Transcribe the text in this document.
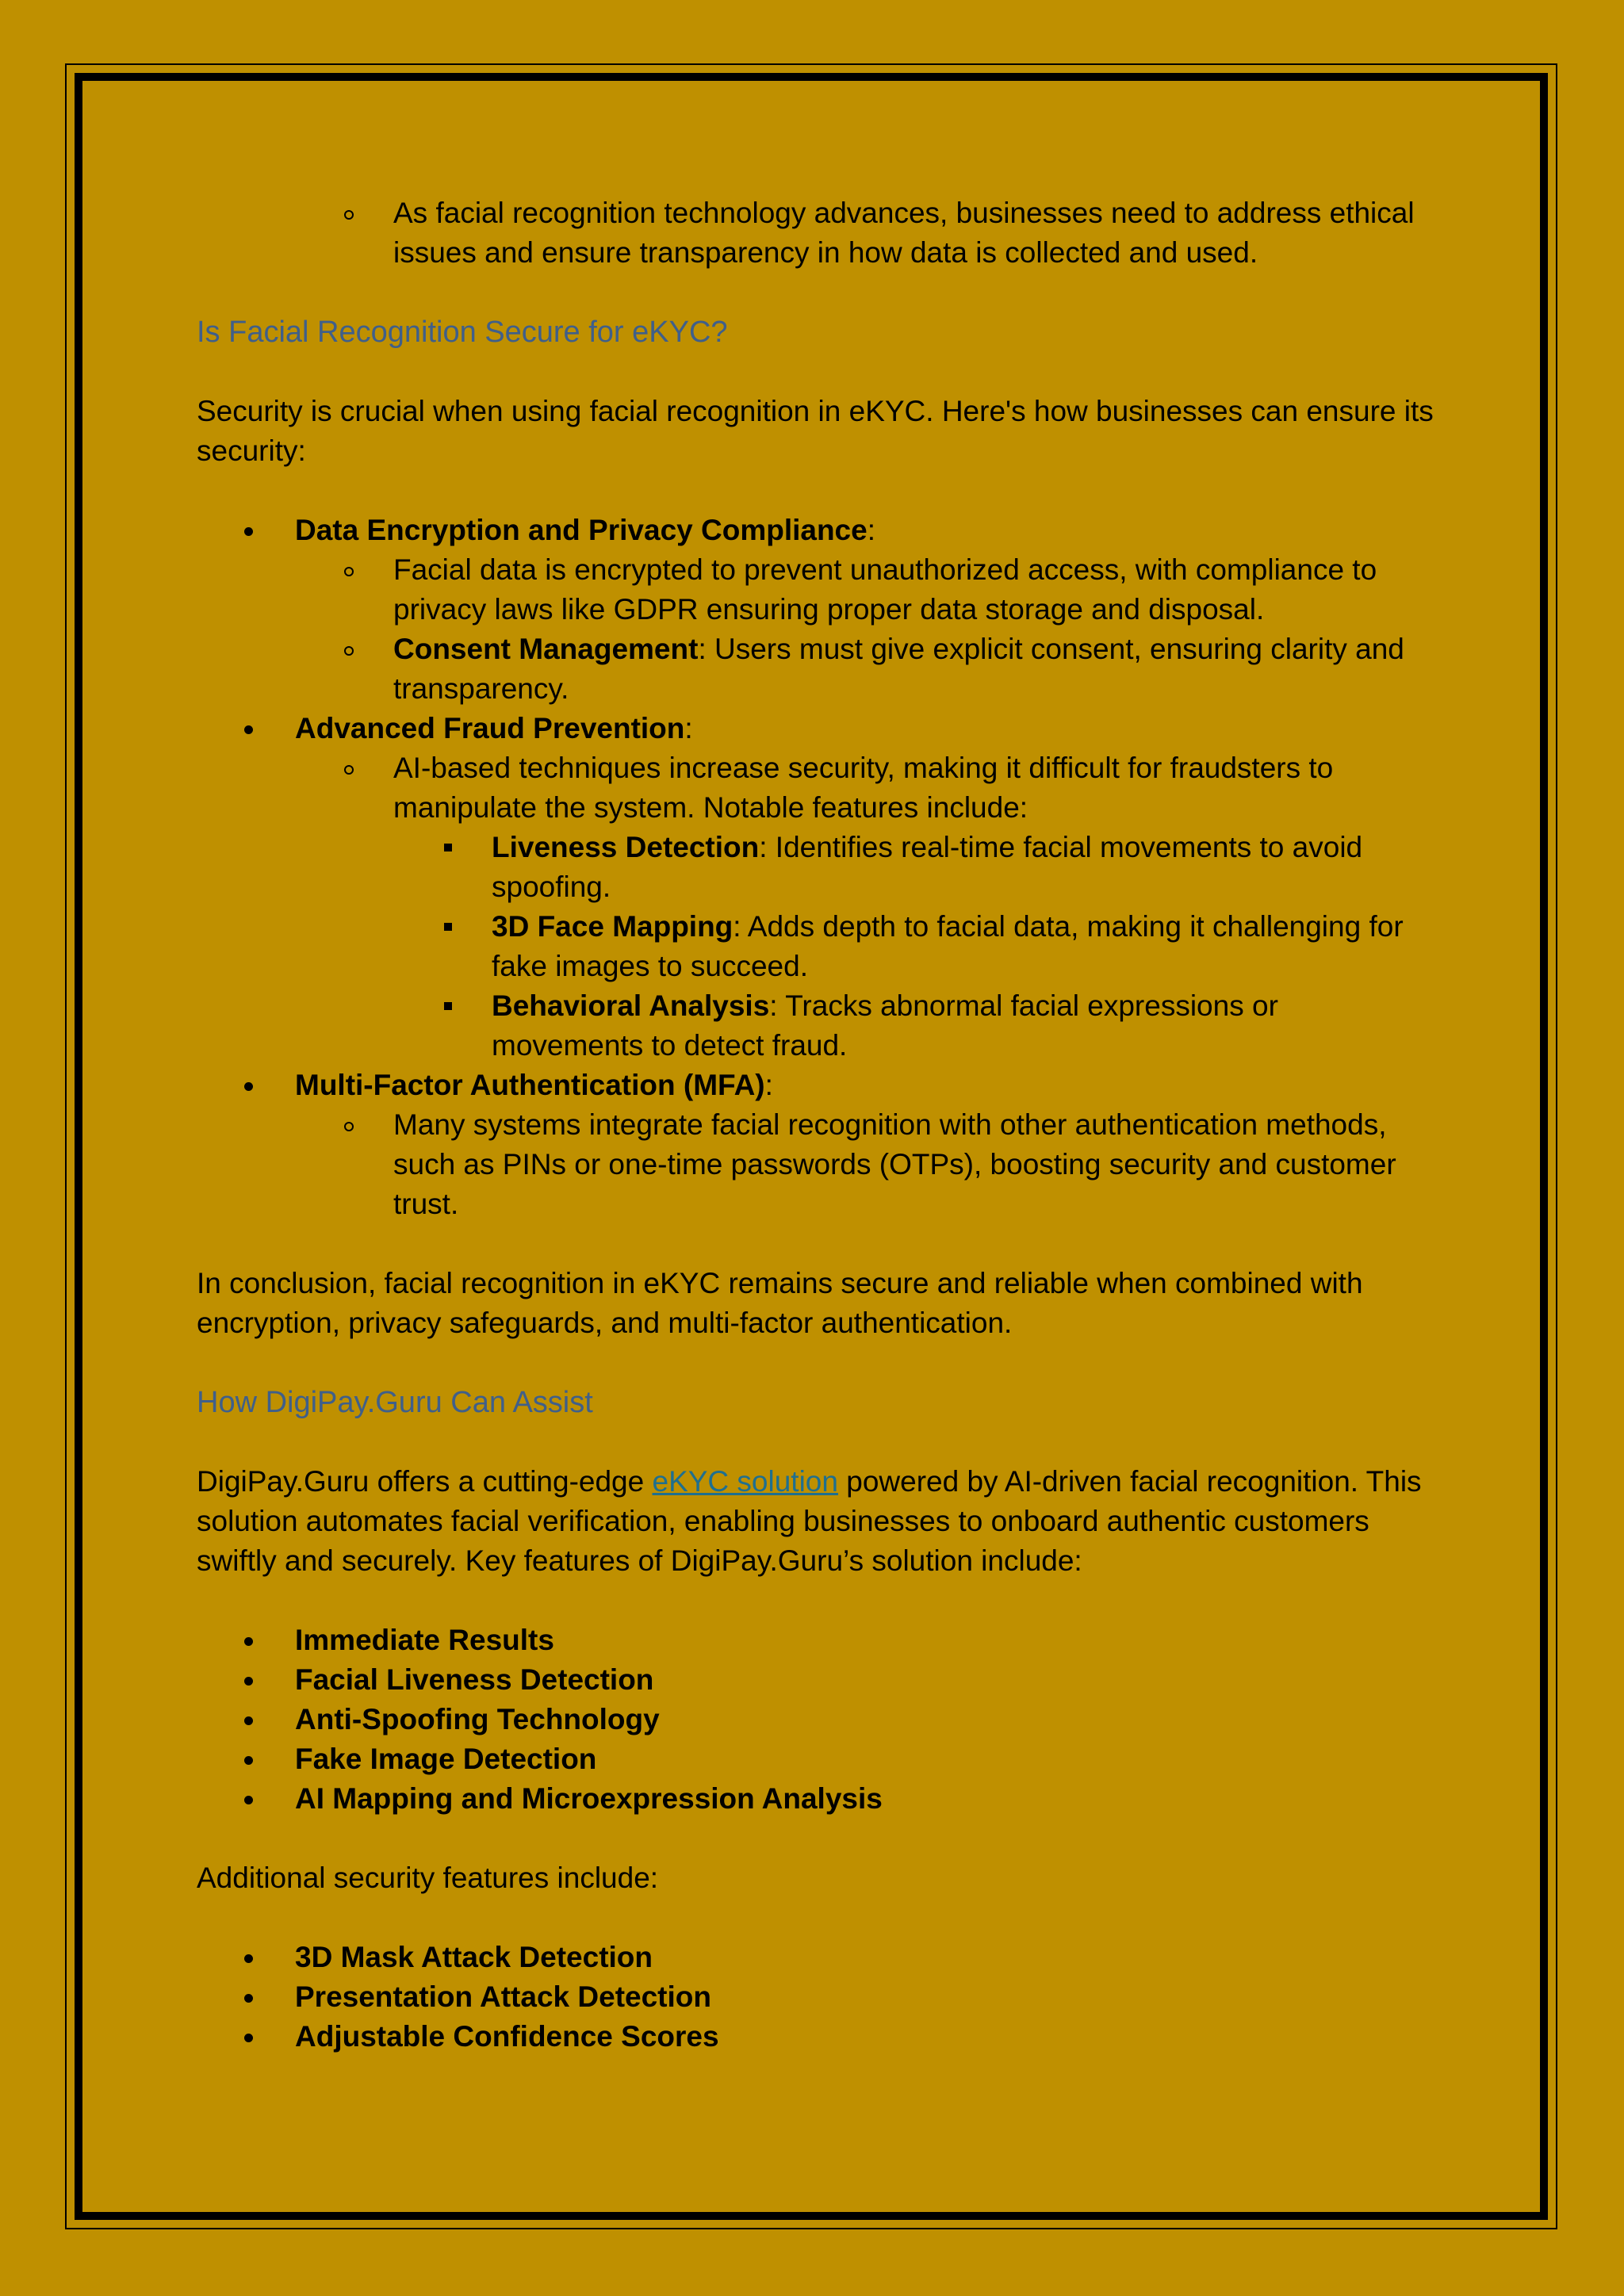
As facial recognition technology advances, businesses need to address ethical issues and ensure transparency in how data is collected and used.
Is Facial Recognition Secure for eKYC?

Security is crucial when using facial recognition in eKYC. Here's how businesses can ensure its security:

Data Encryption and Privacy Compliance:
Facial data is encrypted to prevent unauthorized access, with compliance to privacy laws like GDPR ensuring proper data storage and disposal.
Consent Management: Users must give explicit consent, ensuring clarity and transparency.
Advanced Fraud Prevention:
AI-based techniques increase security, making it difficult for fraudsters to manipulate the system. Notable features include:
Liveness Detection: Identifies real-time facial movements to avoid spoofing.
3D Face Mapping: Adds depth to facial data, making it challenging for fake images to succeed.
Behavioral Analysis: Tracks abnormal facial expressions or movements to detect fraud.
Multi-Factor Authentication (MFA):
Many systems integrate facial recognition with other authentication methods, such as PINs or one-time passwords (OTPs), boosting security and customer trust.

In conclusion, facial recognition in eKYC remains secure and reliable when combined with encryption, privacy safeguards, and multi-factor authentication.

How DigiPay.Guru Can Assist

DigiPay.Guru offers a cutting-edge eKYC solution powered by AI-driven facial recognition. This solution automates facial verification, enabling businesses to onboard authentic customers swiftly and securely. Key features of DigiPay.Guru’s solution include:

Immediate Results
Facial Liveness Detection
Anti-Spoofing Technology
Fake Image Detection
AI Mapping and Microexpression Analysis

Additional security features include:

3D Mask Attack Detection
Presentation Attack Detection
Adjustable Confidence Scores
